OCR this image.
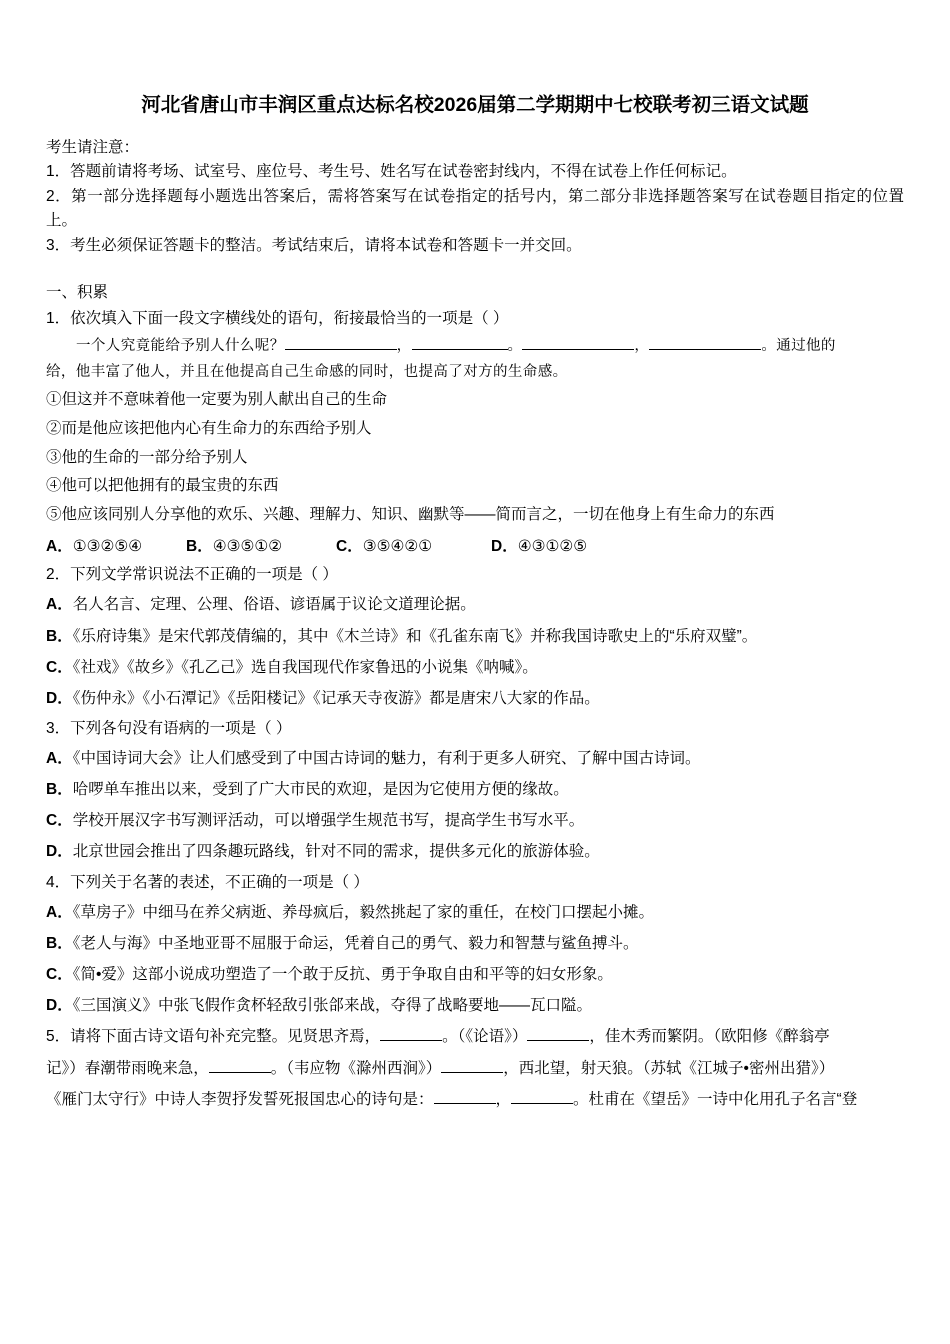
河北省唐山市丰润区重点达标名校2026届第二学期期中七校联考初三语文试题
考生请注意：
1．答题前请将考场、试室号、座位号、考生号、姓名写在试卷密封线内，不得在试卷上作任何标记。
2．第一部分选择题每小题选出答案后，需将答案写在试卷指定的括号内，第二部分非选择题答案写在试卷题目指定的位置上。
3．考生必须保证答题卡的整洁。考试结束后，请将本试卷和答题卡一并交回。
一、积累
1．依次填入下面一段文字横线处的语句，衔接最恰当的一项是（ ）
一个人究竟能给予别人什么呢？	，	。	，	。通过他的
给，他丰富了他人，并且在他提高自己生命感的同时，也提高了对方的生命感。
①但这并不意味着他一定要为别人献出自己的生命
②而是他应该把他内心有生命力的东西给予别人
③他的生命的一部分给予别人
④他可以把他拥有的最宝贵的东西
⑤他应该同别人分享他的欢乐、兴趣、理解力、知识、幽默等——简而言之，一切在他身上有生命力的东西
A．①③②⑤④	B．④③⑤①②	C．③⑤④②①	D．④③①②⑤
2．下列文学常识说法不正确的一项是（ ）
A．名人名言、定理、公理、俗语、谚语属于议论文道理论据。
B．《乐府诗集》是宋代郭茂倩编的，其中《木兰诗》和《孔雀东南飞》并称我国诗歌史上的“乐府双璧”。
C．《社戏》《故乡》《孔乙己》选自我国现代作家鲁迅的小说集《呐喊》。
D．《伤仲永》《小石潭记》《岳阳楼记》《记承天寺夜游》都是唐宋八大家的作品。
3．下列各句没有语病的一项是（ ）
A．《中国诗词大会》让人们感受到了中国古诗词的魅力，有利于更多人研究、了解中国古诗词。
B．哈啰单车推出以来，受到了广大市民的欢迎，是因为它使用方便的缘故。
C．学校开展汉字书写测评活动，可以增强学生规范书写，提高学生书写水平。
D．北京世园会推出了四条趣玩路线，针对不同的需求，提供多元化的旅游体验。
4．下列关于名著的表述，不正确的一项是（ ）
A．《草房子》中细马在养父病逝、养母疯后，毅然挑起了家的重任，在校门口摆起小摊。
B．《老人与海》中圣地亚哥不屈服于命运，凭着自己的勇气、毅力和智慧与鲨鱼搏斗。
C．《简•爱》这部小说成功塑造了一个敢于反抗、勇于争取自由和平等的妇女形象。
D．《三国演义》中张飞假作贪杯轻敌引张郃来战，夺得了战略要地——瓦口隘。
5．请将下面古诗文语句补充完整。见贤思齐焉，	。（《论语》）	，佳木秀而繁阴。（欧阳修《醉翁亭
记》）春潮带雨晚来急，	。（韦应物《滁州西涧》）	，西北望，射天狼。（苏轼《江城子•密州出猎》）
《雁门太守行》中诗人李贺抒发誓死报国忠心的诗句是：	，	。杜甫在《望岳》一诗中化用孔子名言“登
